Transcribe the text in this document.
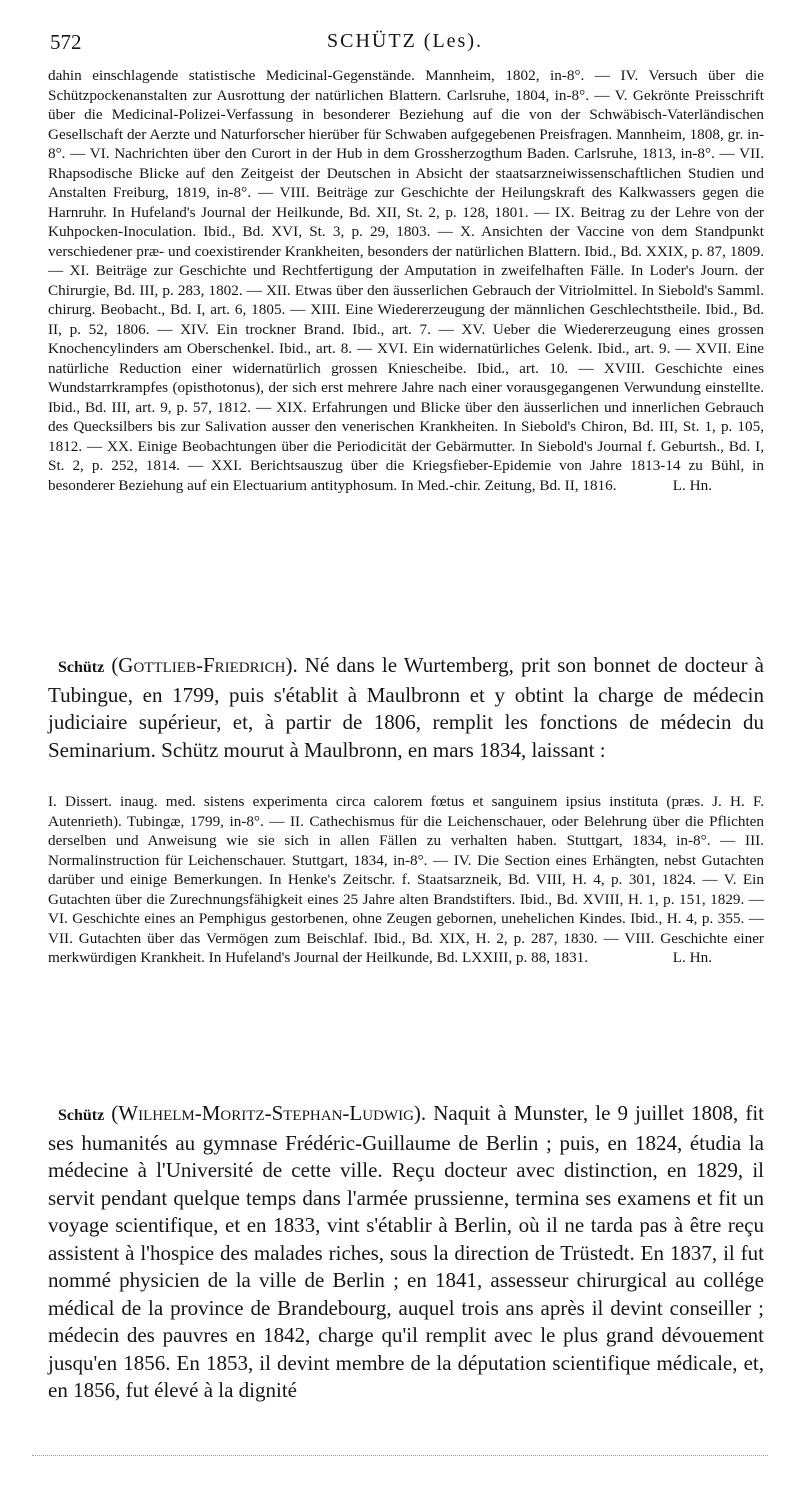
572	SCHÜTZ (Les).

dahin einschlagende statistische Medicinal-Gegenstände. Mannheim, 1802, in-8°. — IV. Versuch über die Schützpockenanstalten zur Ausrottung der natürlichen Blattern. Carlsruhe, 1804, in-8°. — V. Gekrönte Preisschrift über die Medicinal-Polizei-Verfassung in besonderer Beziehung auf die von der Schwäbisch-Vaterländischen Gesellschaft der Aerzte und Naturforscher hierüber für Schwaben aufgegebenen Preisfragen. Mannheim, 1808, gr. in-8°. — VI. Nachrichten über den Curort in der Hub in dem Grossherzogthum Baden. Carlsruhe, 1813, in-8°. — VII. Rhapsodische Blicke auf den Zeitgeist der Deutschen in Absicht der staatsarzneiwissenschaftlichen Studien und Anstalten Freiburg, 1819, in-8°. — VIII. Beiträge zur Geschichte der Heilungskraft des Kalkwassers gegen die Harnruhr. In Hufeland's Journal der Heilkunde, Bd. XII, St. 2, p. 128, 1801. — IX. Beitrag zu der Lehre von der Kuhpocken-Inoculation. Ibid., Bd. XVI, St. 3, p. 29, 1803. — X. Ansichten der Vaccine von dem Standpunkt verschiedener præ- und coexistirender Krankheiten, besonders der natürlichen Blattern. Ibid., Bd. XXIX, p. 87, 1809. — XI. Beiträge zur Geschichte und Rechtfertigung der Amputation in zweifelhaften Fälle. In Loder's Journ. der Chirurgie, Bd. III, p. 283, 1802. — XII. Etwas über den äusserlichen Gebrauch der Vitriolmittel. In Siebold's Samml. chirurg. Beobacht., Bd. I, art. 6, 1805. — XIII. Eine Wiedererzeugung der männlichen Geschlechtstheile. Ibid., Bd. II, p. 52, 1806. — XIV. Ein trockner Brand. Ibid., art. 7. — XV. Ueber die Wiedererzeugung eines grossen Knochencylinders am Oberschenkel. Ibid., art. 8. — XVI. Ein widernatürliches Gelenk. Ibid., art. 9. — XVII. Eine natürliche Reduction einer widernatürlich grossen Kniescheibe. Ibid., art. 10. — XVIII. Geschichte eines Wundstarrkrampfes (opisthotonus), der sich erst mehrere Jahre nach einer vorausgegangenen Verwundung einstellte. Ibid., Bd. III, art. 9, p. 57, 1812. — XIX. Erfahrungen und Blicke über den äusserlichen und innerlichen Gebrauch des Quecksilbers bis zur Salivation ausser den venerischen Krankheiten. In Siebold's Chiron, Bd. III, St. 1, p. 105, 1812. — XX. Einige Beobachtungen über die Periodicität der Gebärmutter. In Siebold's Journal f. Geburtsh., Bd. I, St. 2, p. 252, 1814. — XXI. Berichtsauszug über die Kriegsfieber-Epidemie von Jahre 1813-14 zu Bühl, in besonderer Beziehung auf ein Electuarium antityphosum. In Med.-chir. Zeitung, Bd. II, 1816.	L. Hn.

Schütz (Gottlieb-Friedrich). Né dans le Wurtemberg, prit son bonnet de docteur à Tubingue, en 1799, puis s'établit à Maulbronn et y obtint la charge de médecin judiciaire supérieur, et, à partir de 1806, remplit les fonctions de médecin du Seminarium. Schütz mourut à Maulbronn, en mars 1834, laissant :

I. Dissert. inaug. med. sistens experimenta circa calorem fœtus et sanguinem ipsius instituta (præs. J. H. F. Autenrieth). Tubingæ, 1799, in-8°. — II. Cathechismus für die Leichenschauer, oder Belehrung über die Pflichten derselben und Anweisung wie sie sich in allen Fällen zu verhalten haben. Stuttgart, 1834, in-8°. — III. Normalinstruction für Leichenschauer. Stuttgart, 1834, in-8°. — IV. Die Section eines Erhängten, nebst Gutachten darüber und einige Bemerkungen. In Henke's Zeitschr. f. Staatsarzneik, Bd. VIII, H. 4, p. 301, 1824. — V. Ein Gutachten über die Zurechnungsfähigkeit eines 25 Jahre alten Brandstifters. Ibid., Bd. XVIII, H. 1, p. 151, 1829. — VI. Geschichte eines an Pemphigus gestorbenen, ohne Zeugen gebornen, unehelichen Kindes. Ibid., H. 4, p. 355. — VII. Gutachten über das Vermögen zum Beischlaf. Ibid., Bd. XIX, H. 2, p. 287, 1830. — VIII. Geschichte einer merkwürdigen Krankheit. In Hufeland's Journal der Heilkunde, Bd. LXXIII, p. 88, 1831.	L. Hn.

Schütz (Wilhelm-Moritz-Stephan-Ludwig). Naquit à Munster, le 9 juillet 1808, fit ses humanités au gymnase Frédéric-Guillaume de Berlin ; puis, en 1824, étudia la médecine à l'Université de cette ville. Reçu docteur avec distinction, en 1829, il servit pendant quelque temps dans l'armée prussienne, termina ses examens et fit un voyage scientifique, et en 1833, vint s'établir à Berlin, où il ne tarda pas à être reçu assistent à l'hospice des malades riches, sous la direction de Trüstedt. En 1837, il fut nommé physicien de la ville de Berlin ; en 1841, assesseur chirurgical au collége médical de la province de Brandebourg, auquel trois ans après il devint conseiller ; médecin des pauvres en 1842, charge qu'il remplit avec le plus grand dévouement jusqu'en 1856. En 1853, il devint membre de la députation scientifique médicale, et, en 1856, fut élevé à la dignité
